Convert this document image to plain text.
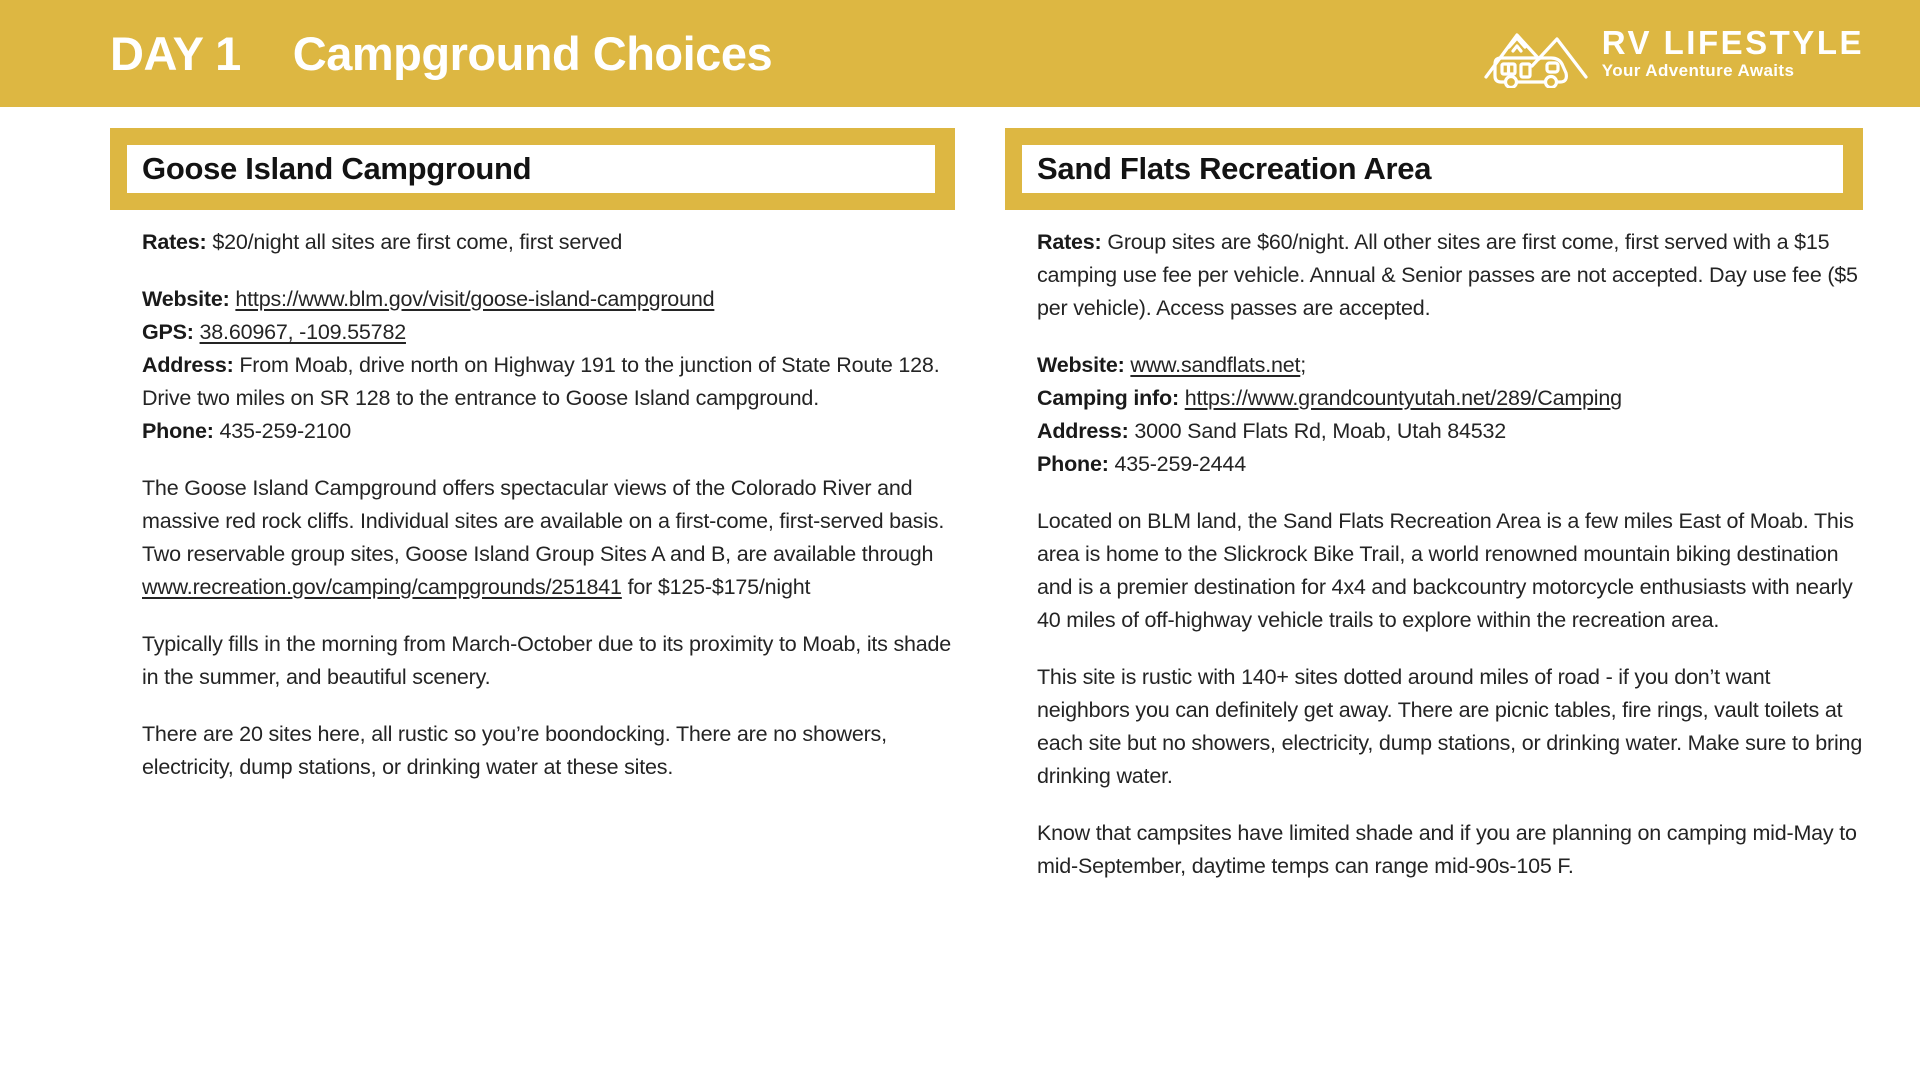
DAY 1 Campground Choices	RV LIFESTYLE
Your Adventure Awaits
Goose Island Campground

Rates: $20/night all sites are first come, first served

Website: https://www.blm.gov/visit/goose-island-campground
GPS: 38.60967, -109.55782
Address: From Moab, drive north on Highway 191 to the junction of State Route 128. Drive two miles on SR 128 to the entrance to Goose Island campground.
Phone: 435-259-2100

The Goose Island Campground offers spectacular views of the Colorado River and massive red rock cliffs. Individual sites are available on a first-come, first-served basis. Two reservable group sites, Goose Island Group Sites A and B, are available through www.recreation.gov/camping/campgrounds/251841 for $125-$175/night

Typically fills in the morning from March-October due to its proximity to Moab, its shade in the summer, and beautiful scenery.

There are 20 sites here, all rustic so you’re boondocking. There are no showers, electricity, dump stations, or drinking water at these sites.

Sand Flats Recreation Area

Rates: Group sites are $60/night. All other sites are first come, first served with a $15 camping use fee per vehicle. Annual & Senior passes are not accepted. Day use fee ($5 per vehicle). Access passes are accepted.

Website: www.sandflats.net;
Camping info: https://www.grandcountyutah.net/289/Camping
Address: 3000 Sand Flats Rd, Moab, Utah 84532
Phone: 435-259-2444

Located on BLM land, the Sand Flats Recreation Area is a few miles East of Moab. This area is home to the Slickrock Bike Trail, a world renowned mountain biking destination and is a premier destination for 4x4 and backcountry motorcycle enthusiasts with nearly 40 miles of off-highway vehicle trails to explore within the recreation area.

This site is rustic with 140+ sites dotted around miles of road - if you don’t want neighbors you can definitely get away. There are picnic tables, fire rings, vault toilets at each site but no showers, electricity, dump stations, or drinking water. Make sure to bring drinking water.

Know that campsites have limited shade and if you are planning on camping mid-May to mid-September, daytime temps can range mid-90s-105 F.
